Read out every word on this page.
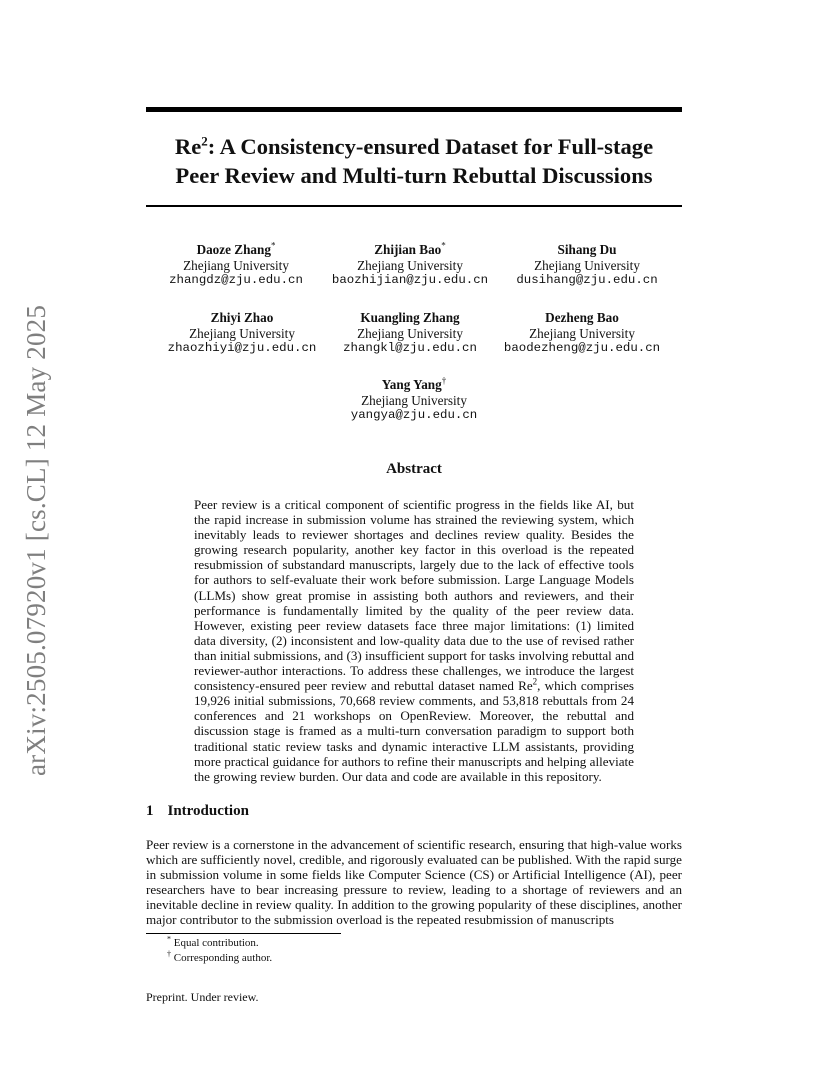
arXiv:2505.07920v1 [cs.CL] 12 May 2025
Re$^2$: A Consistency-ensured Dataset for Full-stage
Peer Review and Multi-turn Rebuttal Discussions
Daoze Zhang*
Zhejiang University
zhangdz@zju.edu.cn
Zhijian Bao*
Zhejiang University
baozhijian@zju.edu.cn
Sihang Du
Zhejiang University
dusihang@zju.edu.cn
Zhiyi Zhao
Zhejiang University
zhaozhiyi@zju.edu.cn
Kuangling Zhang
Zhejiang University
zhangkl@zju.edu.cn
Dezheng Bao
Zhejiang University
baodezheng@zju.edu.cn
Yang Yang†
Zhejiang University
yangya@zju.edu.cn
Abstract

Peer review is a critical component of scientific progress in the fields like AI, but the rapid increase in submission volume has strained the reviewing system, which inevitably leads to reviewer shortages and declines review quality. Besides the growing research popularity, another key factor in this overload is the repeated resubmission of substandard manuscripts, largely due to the lack of effective tools for authors to self-evaluate their work before submission. Large Language Models (LLMs) show great promise in assisting both authors and reviewers, and their performance is fundamentally limited by the quality of the peer review data. However, existing peer review datasets face three major limitations: (1) limited data diversity, (2) inconsistent and low-quality data due to the use of revised rather than initial submissions, and (3) insufficient support for tasks involving rebuttal and reviewer-author interactions. To address these challenges, we introduce the largest consistency-ensured peer review and rebuttal dataset named Re$^2$, which comprises 19,926 initial submissions, 70,668 review comments, and 53,818 rebuttals from 24 conferences and 21 workshops on OpenReview. Moreover, the rebuttal and discussion stage is framed as a multi-turn conversation paradigm to support both traditional static review tasks and dynamic interactive LLM assistants, providing more practical guidance for authors to refine their manuscripts and helping alleviate the growing review burden. Our data and code are available in this repository.

1 Introduction

Peer review is a cornerstone in the advancement of scientific research, ensuring that high-value works which are sufficiently novel, credible, and rigorously evaluated can be published. With the rapid surge in submission volume in some fields like Computer Science (CS) or Artificial Intelligence (AI), peer researchers have to bear increasing pressure to review, leading to a shortage of reviewers and an inevitable decline in review quality. In addition to the growing popularity of these disciplines, another major contributor to the submission overload is the repeated resubmission of manuscripts

* Equal contribution.

† Corresponding author.

Preprint. Under review.
